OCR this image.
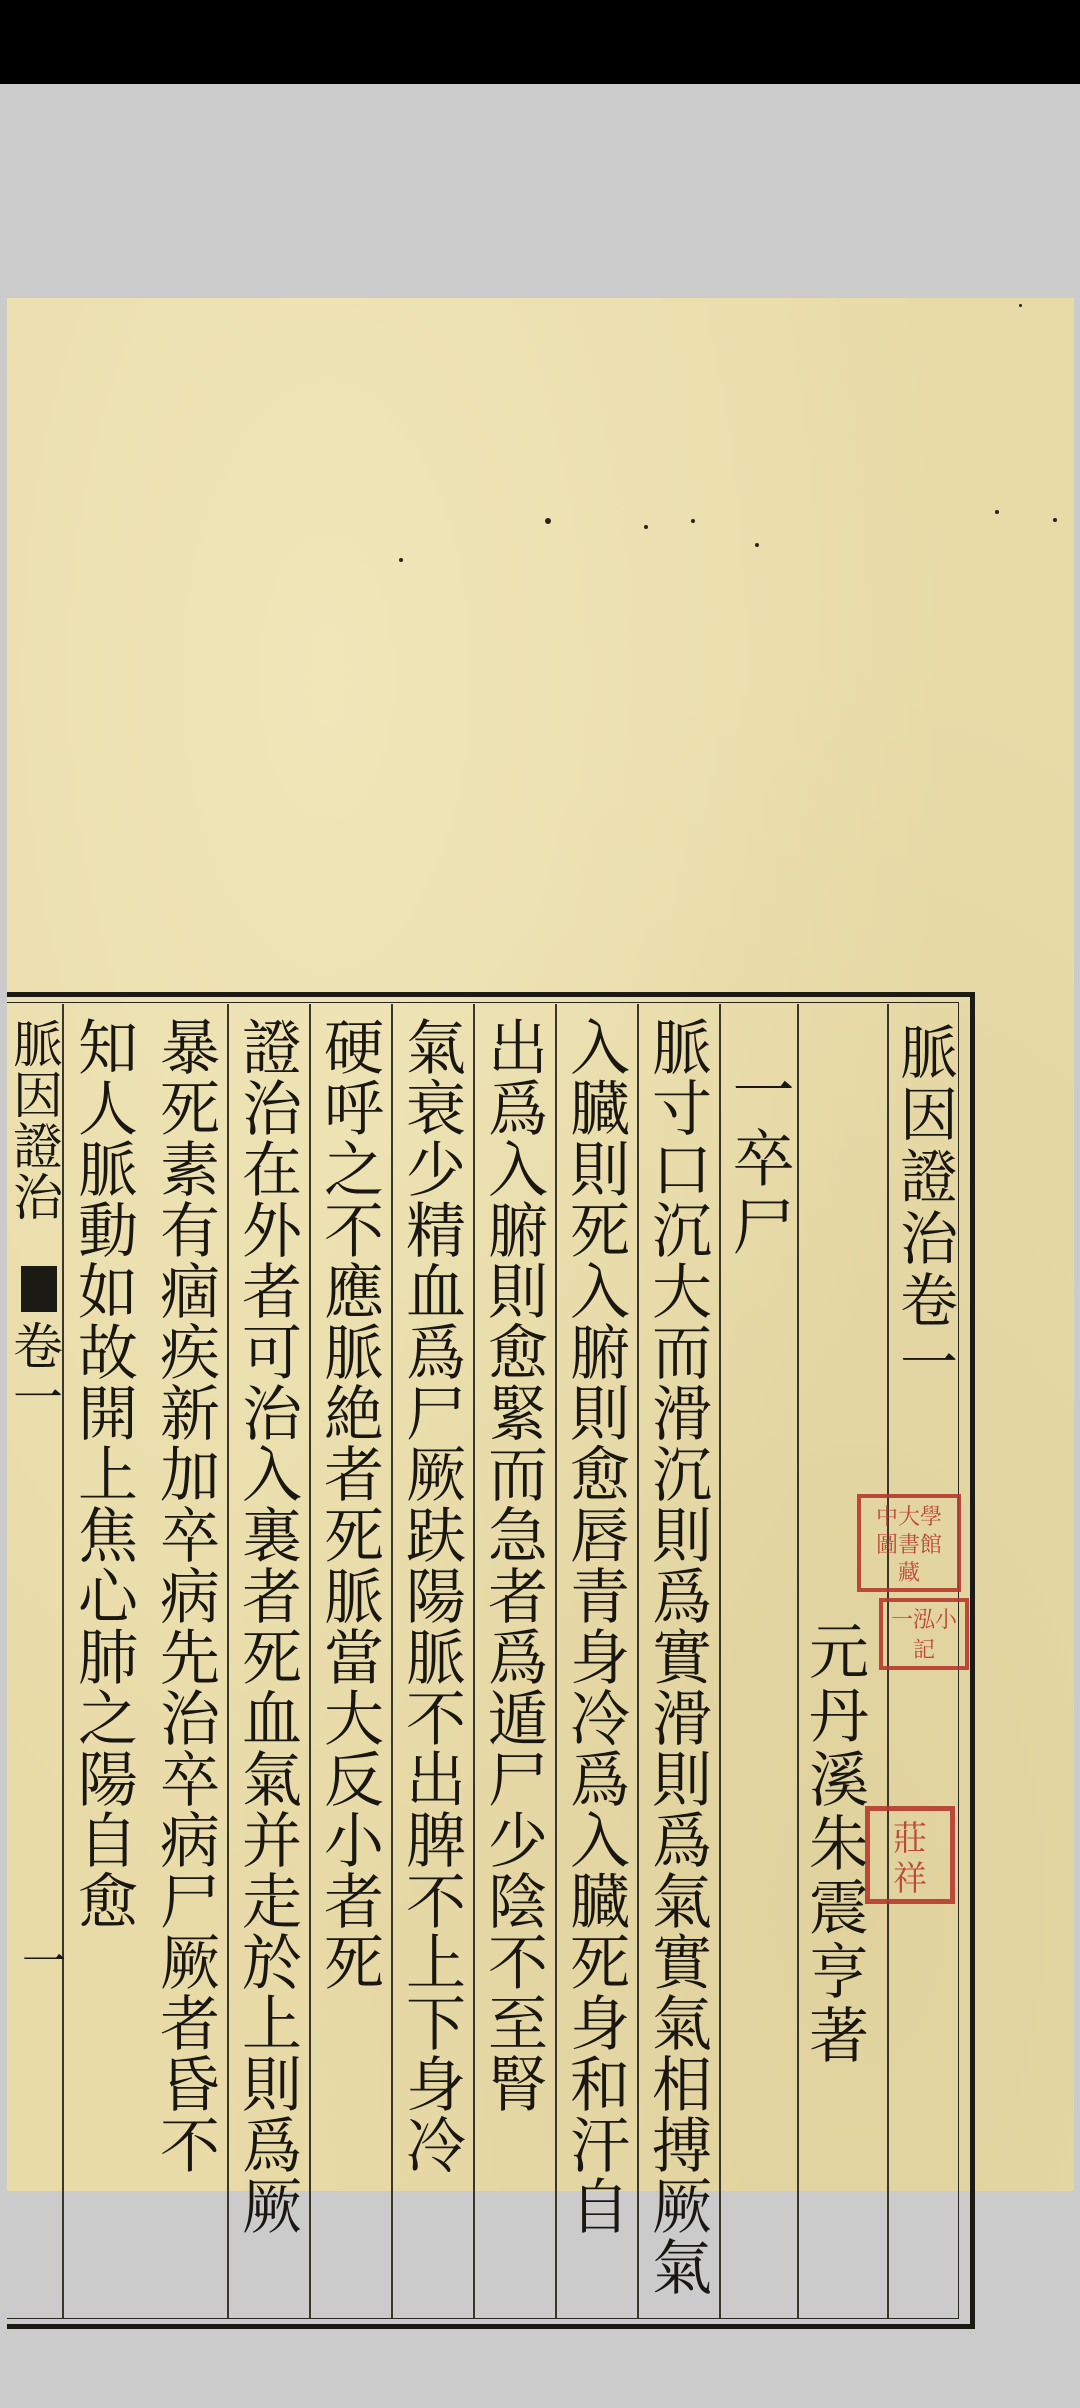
脈因證治卷一
元丹溪朱震亨著
一卒尸
脈寸口沉大而滑沉則爲實滑則爲氣實氣相搏厥氣
入臓則死入腑則愈唇青身冷爲入臓死身和汗自
出爲入腑則愈緊而急者爲遁尸少陰不至腎
氣衰少精血爲尸厥趺陽脈不出脾不上下身冷
硬呼之不應脈絶者死脈當大反小者死
證治在外者可治入裏者死血氣并走於上則爲厥
暴死素有痼疾新加卒病先治卒病尸厥者昏不
知人脈動如故開上焦心肺之陽自愈
脈因證治
卷一
一
中大學圖書館藏
一泓小記
莊祥
